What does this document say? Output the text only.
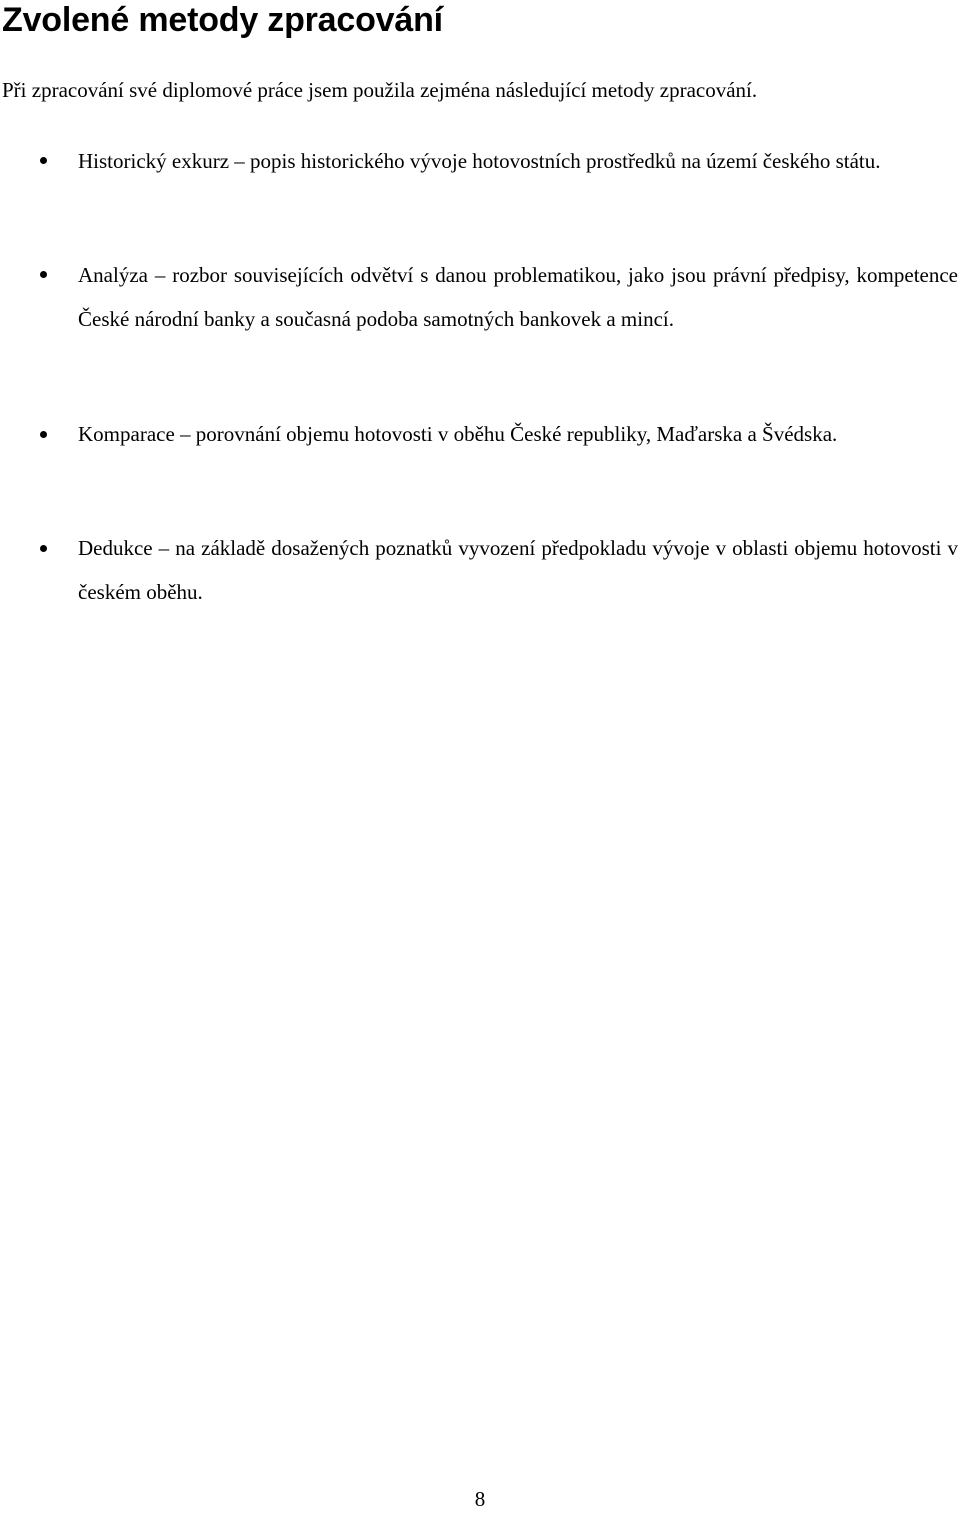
Zvolené metody zpracování

Při zpracování své diplomové práce jsem použila zejména následující metody zpracování.

Historický exkurz – popis historického vývoje hotovostních prostředků na území českého státu.

Analýza – rozbor souvisejících odvětví s danou problematikou, jako jsou právní předpisy, kompetence České národní banky a současná podoba samotných bankovek a mincí.

Komparace – porovnání objemu hotovosti v oběhu České republiky, Maďarska a Švédska.

Dedukce – na základě dosažených poznatků vyvození předpokladu vývoje v oblasti objemu hotovosti v českém oběhu.

8
